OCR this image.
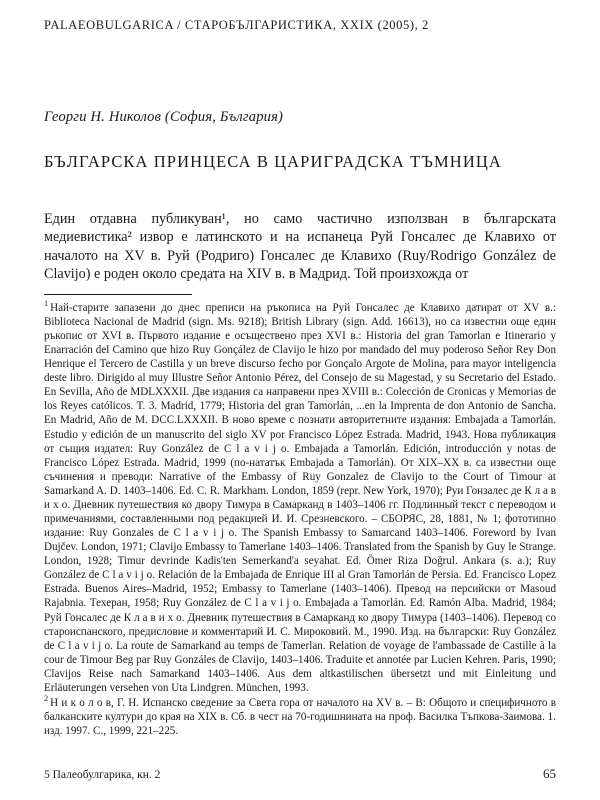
PALAEOBULGARICA / СТАРОБЪЛГАРИСТИКА, XXIX (2005), 2
Георги Н. Николов (София, България)
БЪЛГАРСКА ПРИНЦЕСА В ЦАРИГРАДСКА ТЪМНИЦА
Един отдавна публикуван¹, но само частично използван в българската медиевистика² извор е латинското и на испанеца Руй Гонсалес де Клавихо от началото на XV в. Руй (Родриго) Гонсалес де Клавихо (Ruy/Rodrigo González de Clavijo) е роден около средата на XIV в. в Мадрид. Той произхожда от
$^1$ Най-старите запазени до днес преписи на ръкописа на Руй Гонсалес де Клавихо датират от XV в.: Biblioteca Nacional de Madrid (sign. Ms. 9218); British Library (sign. Add. 16613), но са известни още един ръкопис от XVI в. Първото издание е осъществено през XVI в.: Historia del gran Tamorlan e Itinerario y Enarración del Camino que hizo Ruy Gonçález de Clavijo le hizo por mandado del muy poderoso Señor Rey Don Henrique el Tercero de Castilla y un breve discurso fecho por Gonçalo Argote de Molina, para mayor inteligencia deste libro. Dirigido al muy Illustre Señor Antonio Pérez, del Consejo de su Magestad, y su Secretario del Estado. En Sevilla, Año de MDLXXXII. Две издания са направени през XVIII в.: Colección de Cronicas y Memorias de los Reyes católicos. T. 3. Madrid, 1779; Historia del gran Tamorlán, ...en la Imprenta de don Antonio de Sancha. En Madrid, Año de M. DCC.LXXXII. В ново време с пoзнати авторитетните издания: Embajada a Tamorlán. Estudio y edición de un manuscrito del siglo XV por Francisco López Estrada. Madrid, 1943. Нова публикация от същия издател: Ruy González de C l a v i j o. Embajada a Tamorlán. Edición, introducción y notas de Francisco López Estrada. Madrid, 1999 (по-нататък Embajada a Tamorlán). От XIX–XX в. са известни още съчинения и преводи: Narrative of the Embassy of Ruy Gonzalez de Clavijo to the Court of Timour at Samarkand A. D. 1403–1406. Ed. C. R. Markham. London, 1859 (repr. New York, 1970); Руи Гонзалес де К л а в и х о. Дневник путешествия ко двору Тимура в Самарканд в 1403–1406 гг. Подлинный текст с переводом и примечаниями, составленными под редакцией И. И. Срезневского. – СБОРЯС, 28, 1881, № 1; фототипно издание: Ruy Gonzales de C l a v i j o. The Spanish Embassy to Samarcand 1403–1406. Foreword by Ivan Dujčev. London, 1971; Clavijo Embassy to Tamerlane 1403–1406. Translated from the Spanish by Guy le Strange. London, 1928; Timur devrinde Kadis'ten Semerkand'a seyahat. Ed. Ömer Riza Doğrul. Ankara (s. a.); Ruy González de C l a v i j o. Relación de la Embajada de Enrique III al Gran Tamorlán de Persia. Ed. Francisco Lopez Estrada. Buenos Aires–Madrid, 1952; Embassy to Tamerlane (1403–1406). Превод на персийски от Masoud Rajabnia. Техеран, 1958; Ruy González de C l a v i j o. Embajada a Tamorlán. Ed. Ramón Alba. Madrid, 1984; Руй Гонсалес де К л а в и х о. Дневник путешествия в Самарканд ко двору Тимура (1403–1406). Перевод со староиспанского, предисловие и комментарий И. С. Мироковий. М., 1990. Изд. на български: Ruy González de C l a v i j o. La route de Samarkand au temps de Tamerlan. Relation de voyage de l'ambassade de Castille à la cour de Timour Beg par Ruy Gonzáles de Clavijo, 1403–1406. Traduite et annotée par Lucien Kehren. Paris, 1990; Clavijos Reise nach Samarkand 1403–1406. Aus dem altkastilischen übersetzt und mit Einleitung und Erläuterungen versehen von Uta Lindgren. München, 1993.
$^2$ Н и к о л о в, Г. Н. Испанско сведение за Света гора от началото на XV в. – В: Общото и специфичното в балканските култури до края на XIX в. Сб. в чест на 70-годишнината на проф. Василка Тъпкова-Заимова. 1. изд. 1997. С., 1999, 221–225.
5 Палеобулгарика, кн. 2	65
